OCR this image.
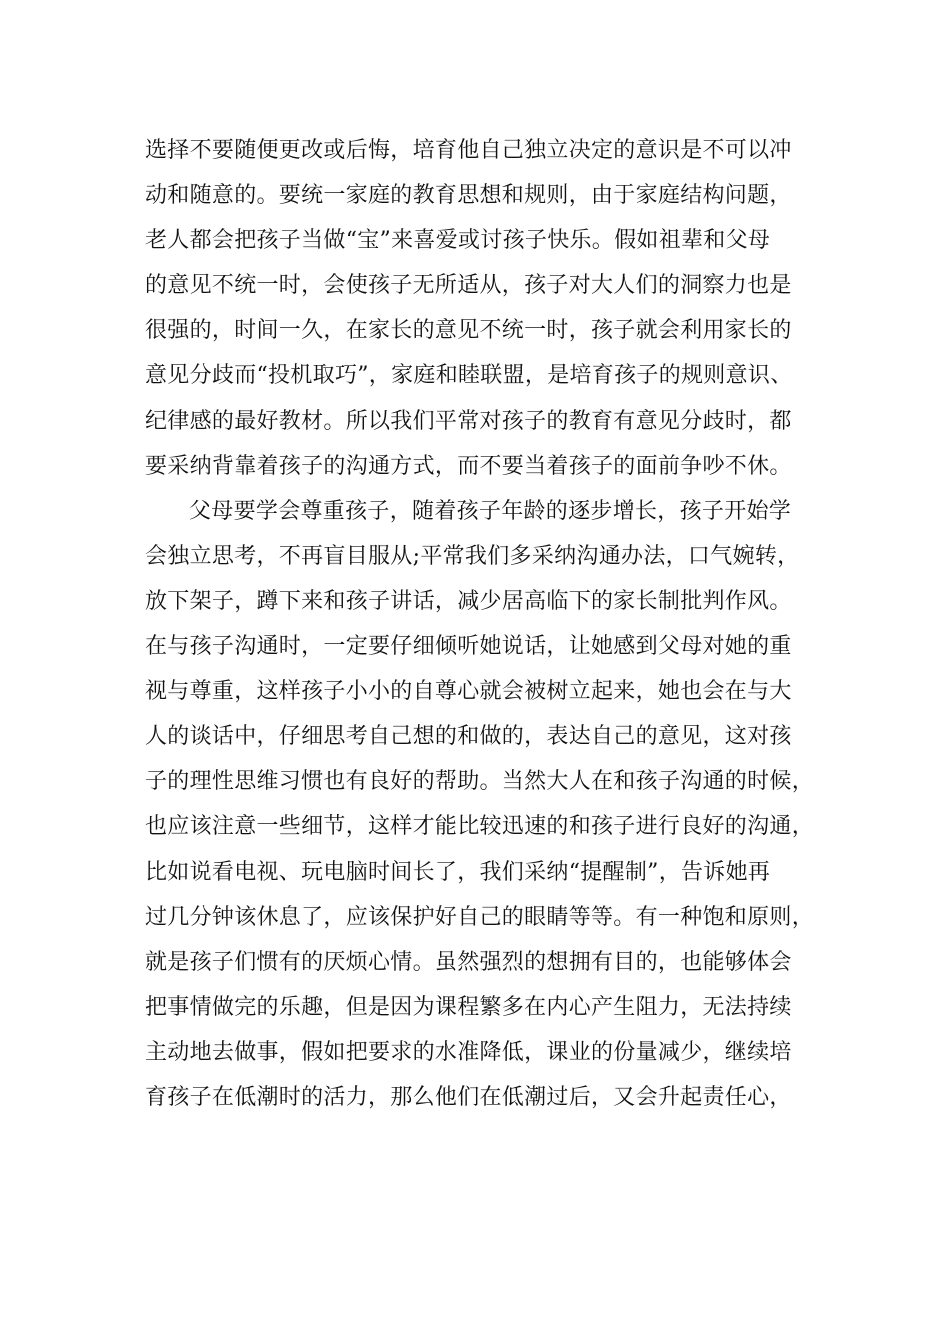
选择不要随便更改或后悔，培育他自己独立决定的意识是不可以冲
动和随意的。要统一家庭的教育思想和规则，由于家庭结构问题，
老人都会把孩子当做“宝”来喜爱或讨孩子快乐。假如祖辈和父母
的意见不统一时，会使孩子无所适从，孩子对大人们的洞察力也是
很强的，时间一久，在家长的意见不统一时，孩子就会利用家长的
意见分歧而“投机取巧”，家庭和睦联盟，是培育孩子的规则意识、
纪律感的最好教材。所以我们平常对孩子的教育有意见分歧时，都
要采纳背靠着孩子的沟通方式，而不要当着孩子的面前争吵不休。
父母要学会尊重孩子，随着孩子年龄的逐步增长，孩子开始学
会独立思考，不再盲目服从;平常我们多采纳沟通办法，口气婉转，
放下架子，蹲下来和孩子讲话，减少居高临下的家长制批判作风。
在与孩子沟通时，一定要仔细倾听她说话，让她感到父母对她的重
视与尊重，这样孩子小小的自尊心就会被树立起来，她也会在与大
人的谈话中，仔细思考自己想的和做的，表达自己的意见，这对孩
子的理性思维习惯也有良好的帮助。当然大人在和孩子沟通的时候，
也应该注意一些细节，这样才能比较迅速的和孩子进行良好的沟通，
比如说看电视、玩电脑时间长了，我们采纳“提醒制”，告诉她再
过几分钟该休息了，应该保护好自己的眼睛等等。有一种饱和原则，
就是孩子们惯有的厌烦心情。虽然强烈的想拥有目的，也能够体会
把事情做完的乐趣，但是因为课程繁多在内心产生阻力，无法持续
主动地去做事，假如把要求的水准降低，课业的份量减少，继续培
育孩子在低潮时的活力，那么他们在低潮过后，又会升起责任心，
